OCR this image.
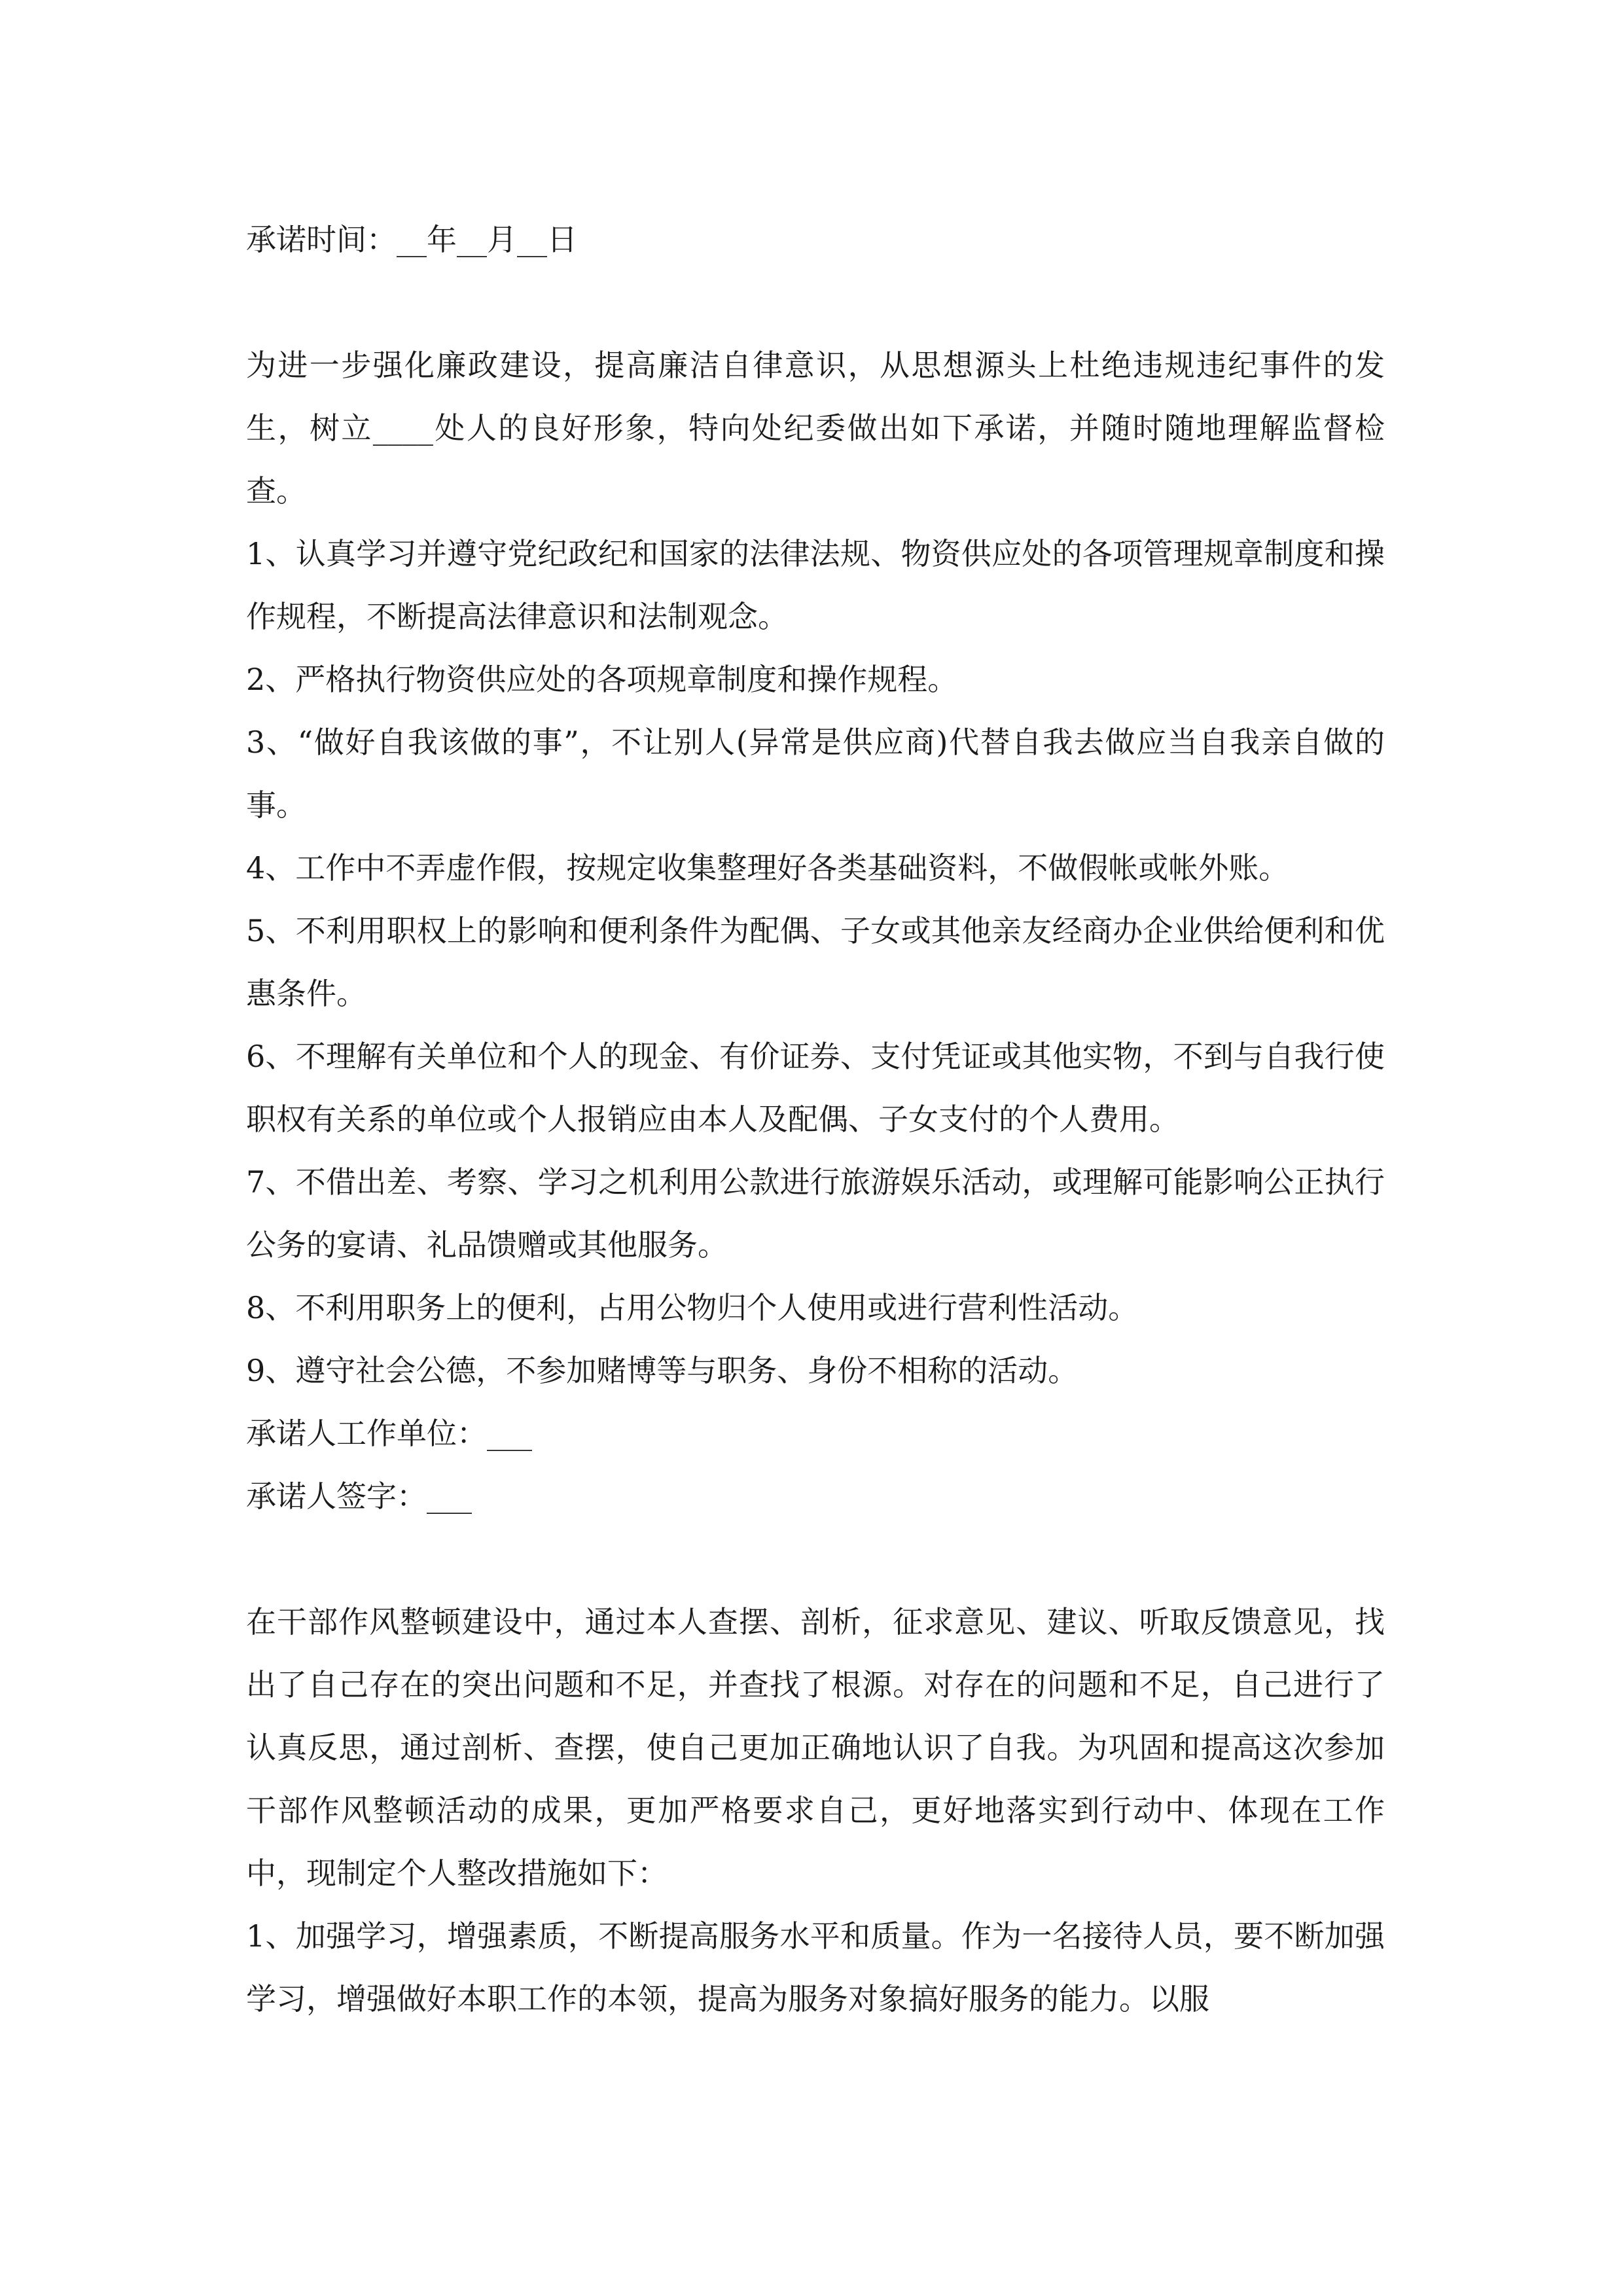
承诺时间：__年__月__日

为进一步强化廉政建设，提高廉洁自律意识，从思想源头上杜绝违规违纪事件的发生，树立____处人的良好形象，特向处纪委做出如下承诺，并随时随地理解监督检查。

1、认真学习并遵守党纪政纪和国家的法律法规、物资供应处的各项管理规章制度和操作规程，不断提高法律意识和法制观念。

2、严格执行物资供应处的各项规章制度和操作规程。

3、“做好自我该做的事”，不让别人(异常是供应商)代替自我去做应当自我亲自做的事。

4、工作中不弄虚作假，按规定收集整理好各类基础资料，不做假帐或帐外账。

5、不利用职权上的影响和便利条件为配偶、子女或其他亲友经商办企业供给便利和优惠条件。

6、不理解有关单位和个人的现金、有价证券、支付凭证或其他实物，不到与自我行使职权有关系的单位或个人报销应由本人及配偶、子女支付的个人费用。

7、不借出差、考察、学习之机利用公款进行旅游娱乐活动，或理解可能影响公正执行公务的宴请、礼品馈赠或其他服务。

8、不利用职务上的便利，占用公物归个人使用或进行营利性活动。

9、遵守社会公德，不参加赌博等与职务、身份不相称的活动。

承诺人工作单位：___

承诺人签字：___

在干部作风整顿建设中，通过本人查摆、剖析，征求意见、建议、听取反馈意见，找出了自己存在的突出问题和不足，并查找了根源。对存在的问题和不足，自己进行了认真反思，通过剖析、查摆，使自己更加正确地认识了自我。为巩固和提高这次参加干部作风整顿活动的成果，更加严格要求自己，更好地落实到行动中、体现在工作中，现制定个人整改措施如下：

1、加强学习，增强素质，不断提高服务水平和质量。作为一名接待人员，要不断加强学习，增强做好本职工作的本领，提高为服务对象搞好服务的能力。以服
